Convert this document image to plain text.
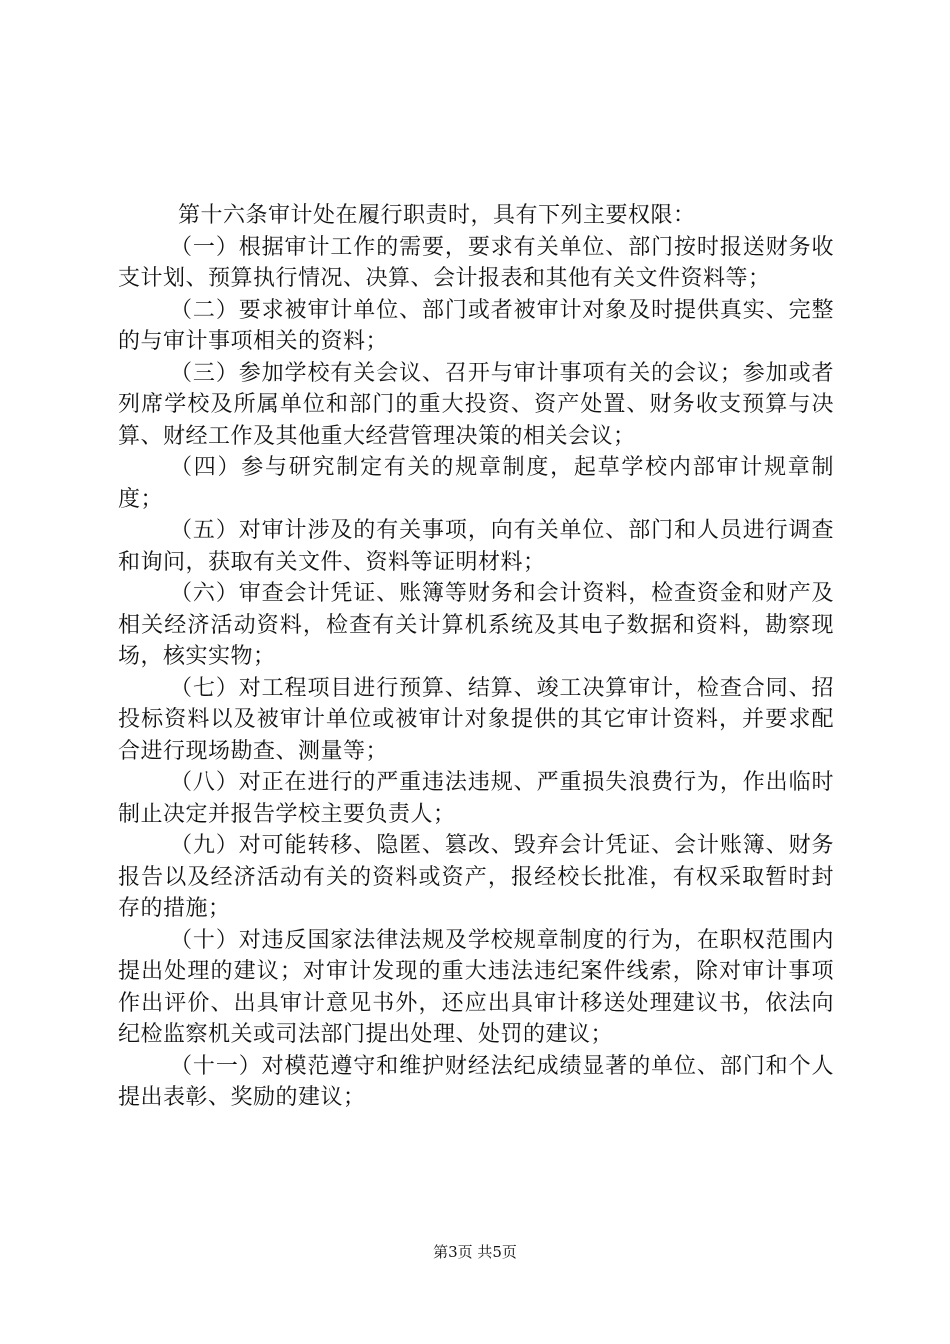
第十六条审计处在履行职责时，具有下列主要权限：

（一）根据审计工作的需要，要求有关单位、部门按时报送财务收支计划、预算执行情况、决算、会计报表和其他有关文件资料等；

（二）要求被审计单位、部门或者被审计对象及时提供真实、完整的与审计事项相关的资料；

（三）参加学校有关会议、召开与审计事项有关的会议；参加或者列席学校及所属单位和部门的重大投资、资产处置、财务收支预算与决算、财经工作及其他重大经营管理决策的相关会议；

（四）参与研究制定有关的规章制度，起草学校内部审计规章制度；

（五）对审计涉及的有关事项，向有关单位、部门和人员进行调查和询问，获取有关文件、资料等证明材料；

（六）审查会计凭证、账簿等财务和会计资料，检查资金和财产及相关经济活动资料，检查有关计算机系统及其电子数据和资料，勘察现场，核实实物；

（七）对工程项目进行预算、结算、竣工决算审计，检查合同、招投标资料以及被审计单位或被审计对象提供的其它审计资料，并要求配合进行现场勘查、测量等；

（八）对正在进行的严重违法违规、严重损失浪费行为，作出临时制止决定并报告学校主要负责人；

（九）对可能转移、隐匿、篡改、毁弃会计凭证、会计账簿、财务报告以及经济活动有关的资料或资产，报经校长批准，有权采取暂时封存的措施；

（十）对违反国家法律法规及学校规章制度的行为，在职权范围内提出处理的建议；对审计发现的重大违法违纪案件线索，除对审计事项作出评价、出具审计意见书外，还应出具审计移送处理建议书，依法向纪检监察机关或司法部门提出处理、处罚的建议；

（十一）对模范遵守和维护财经法纪成绩显著的单位、部门和个人提出表彰、奖励的建议；

第3页 共5页
